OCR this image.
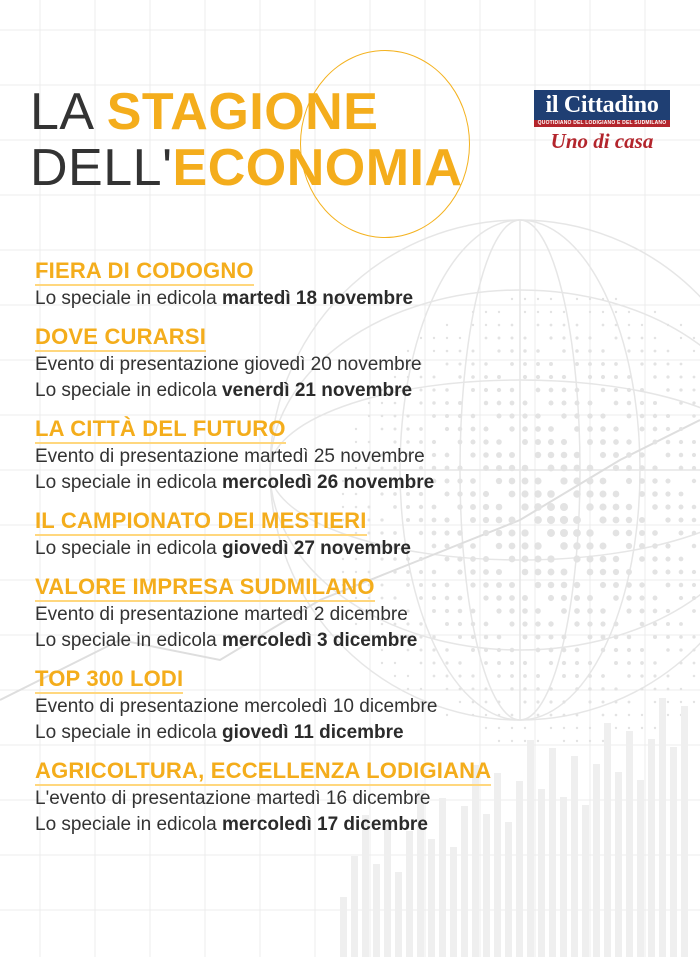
LA STAGIONE
DELL'ECONOMIA
il Cittadino
QUOTIDIANO DEL LODIGIANO E DEL SUDMILANO
Uno di casa
FIERA DI CODOGNO
Lo speciale in edicola martedì 18 novembre
DOVE CURARSI
Evento di presentazione giovedì 20 novembre
Lo speciale in edicola venerdì 21 novembre
LA CITTÀ DEL FUTURO
Evento di presentazione martedì 25 novembre
Lo speciale in edicola mercoledì 26 novembre
IL CAMPIONATO DEI MESTIERI
Lo speciale in edicola giovedì 27 novembre
VALORE IMPRESA SUDMILANO
Evento di presentazione martedì 2 dicembre
Lo speciale in edicola mercoledì 3 dicembre
TOP 300 LODI
Evento di presentazione mercoledì 10 dicembre
Lo speciale in edicola giovedì 11 dicembre
AGRICOLTURA, ECCELLENZA LODIGIANA
L'evento di presentazione martedì 16 dicembre
Lo speciale in edicola mercoledì 17 dicembre
